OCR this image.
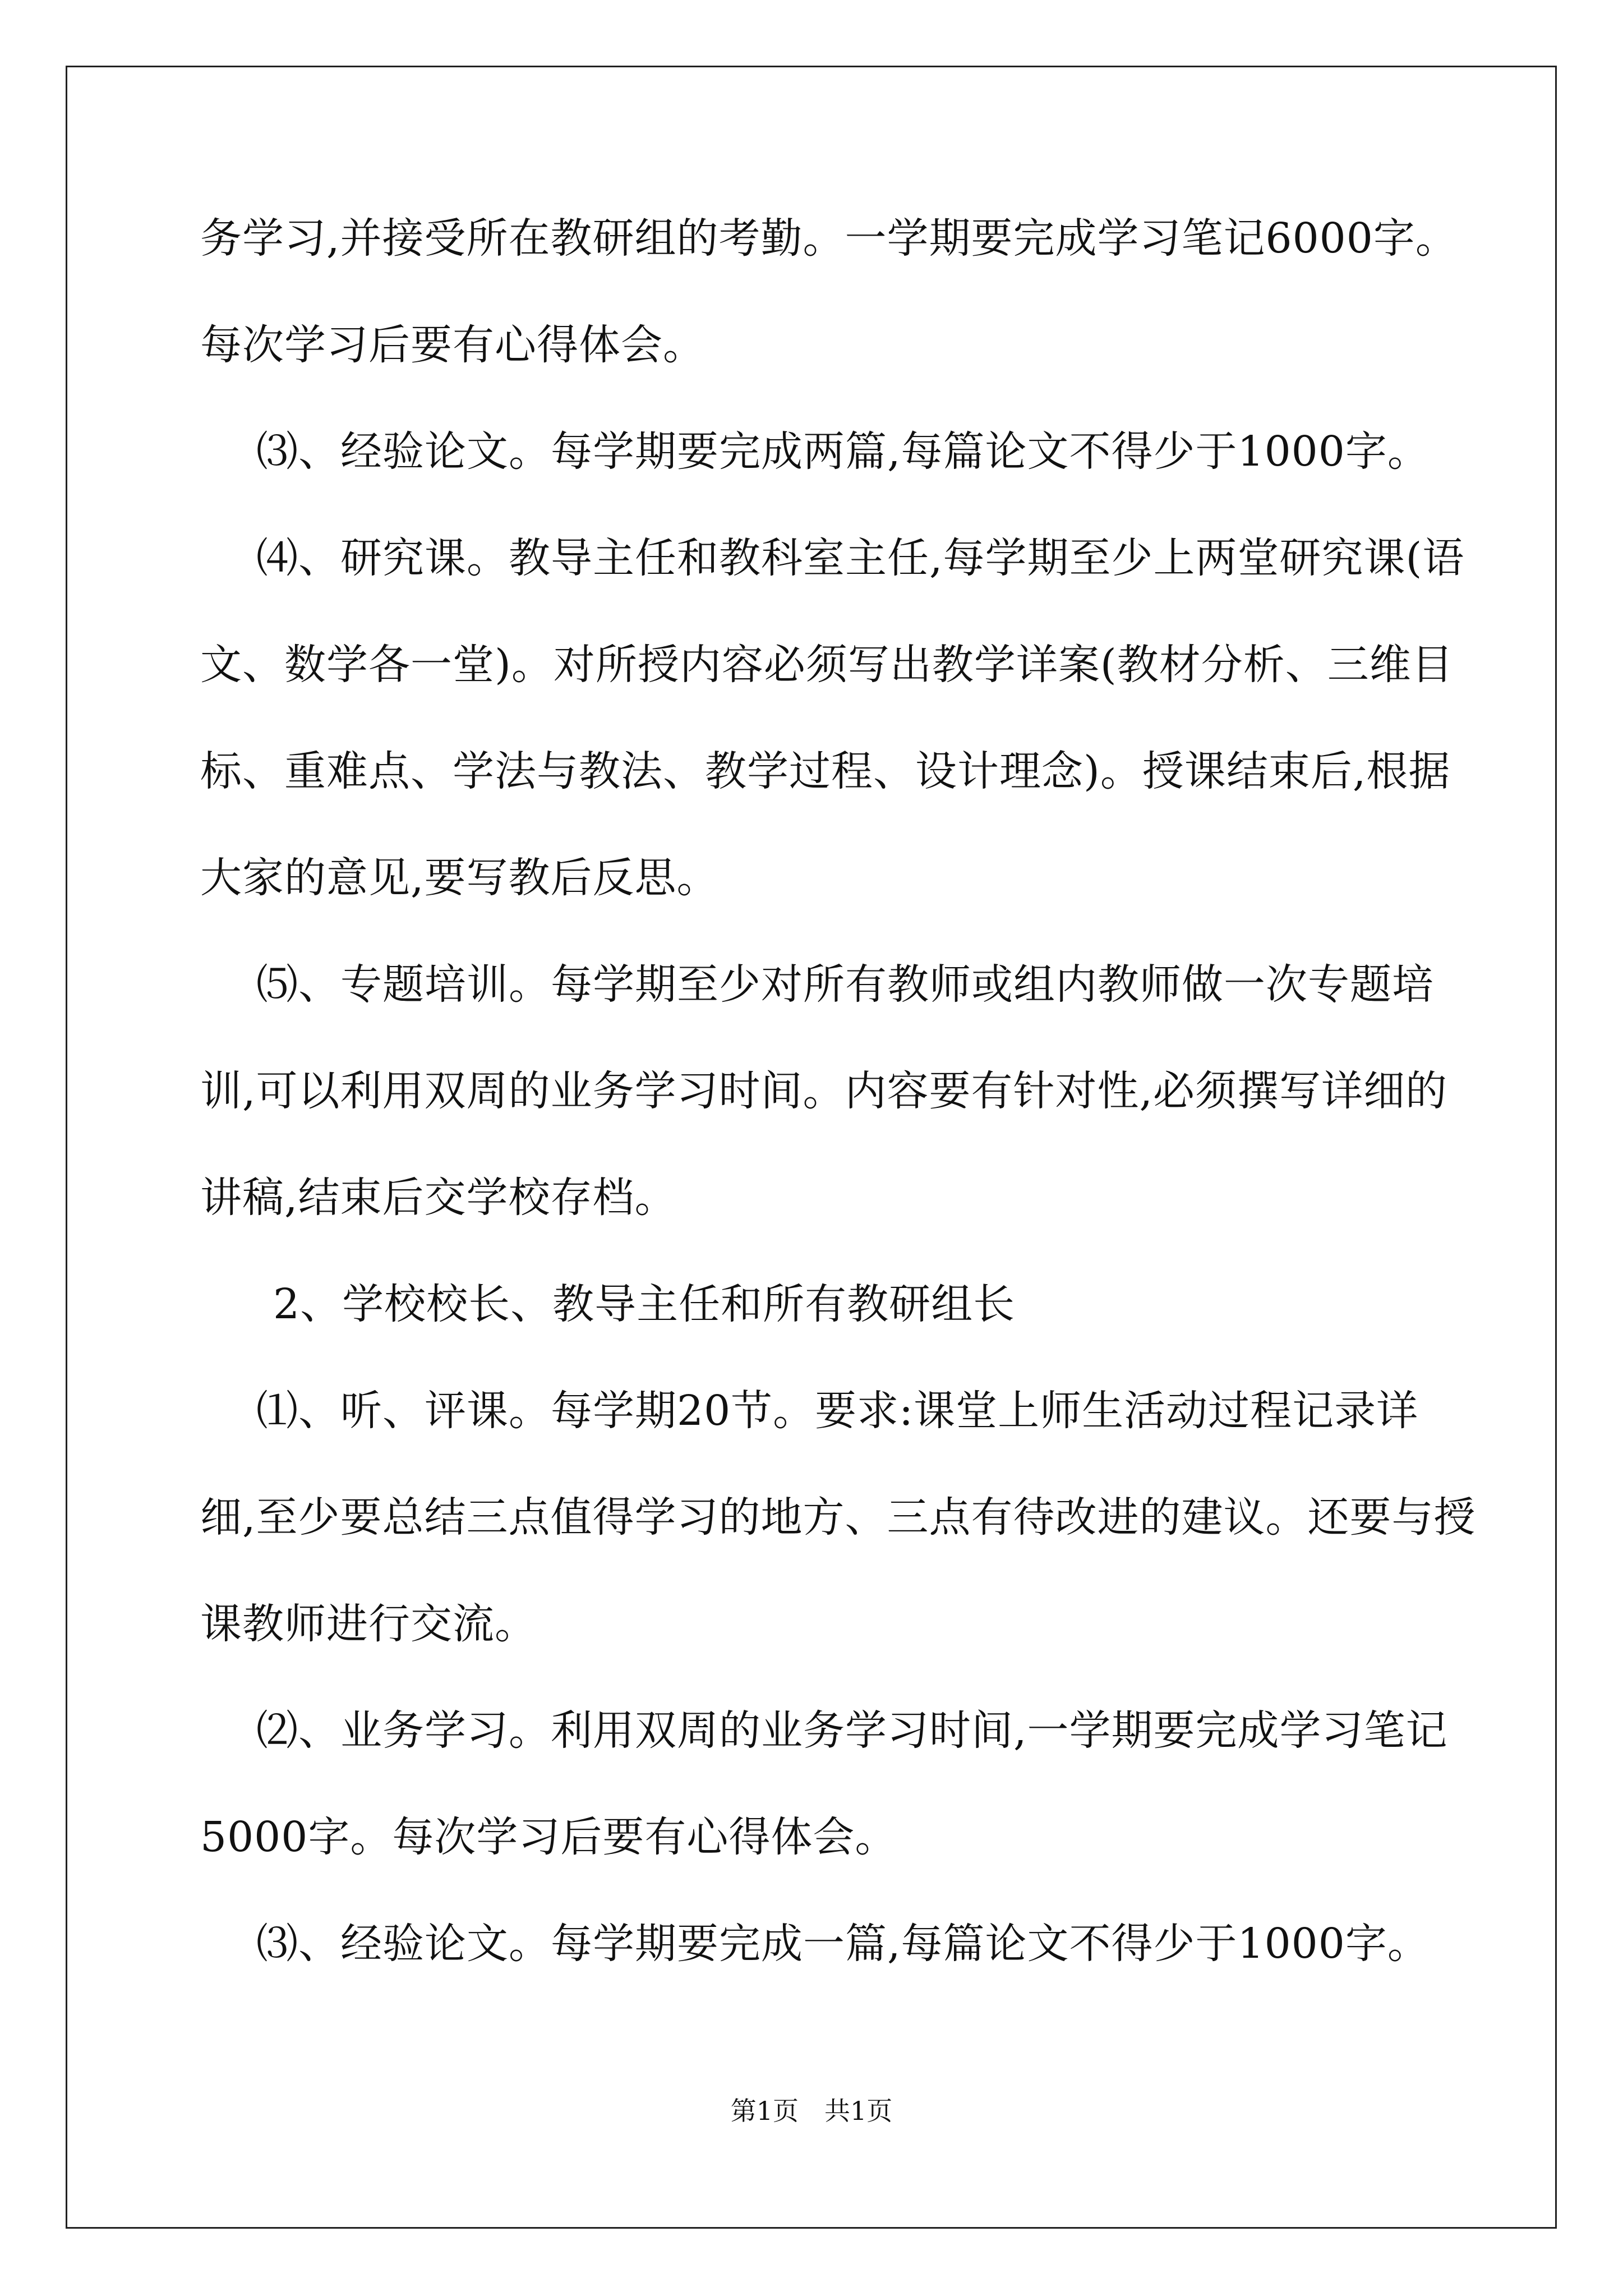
务学习,并接受所在教研组的考勤。一学期要完成学习笔记6000字。
每次学习后要有心得体会。
⑶、经验论文。每学期要完成两篇,每篇论文不得少于1000字。
⑷、研究课。教导主任和教科室主任,每学期至少上两堂研究课(语
文、数学各一堂)。对所授内容必须写出教学详案(教材分析、三维目
标、重难点、学法与教法、教学过程、设计理念)。授课结束后,根据
大家的意见,要写教后反思。
⑸、专题培训。每学期至少对所有教师或组内教师做一次专题培
训,可以利用双周的业务学习时间。内容要有针对性,必须撰写详细的
讲稿,结束后交学校存档。
2、学校校长、教导主任和所有教研组长
⑴、听、评课。每学期20节。要求:课堂上师生活动过程记录详
细,至少要总结三点值得学习的地方、三点有待改进的建议。还要与授
课教师进行交流。
⑵、业务学习。利用双周的业务学习时间,一学期要完成学习笔记
5000字。每次学习后要有心得体会。
⑶、经验论文。每学期要完成一篇,每篇论文不得少于1000字。
第1页　共1页
